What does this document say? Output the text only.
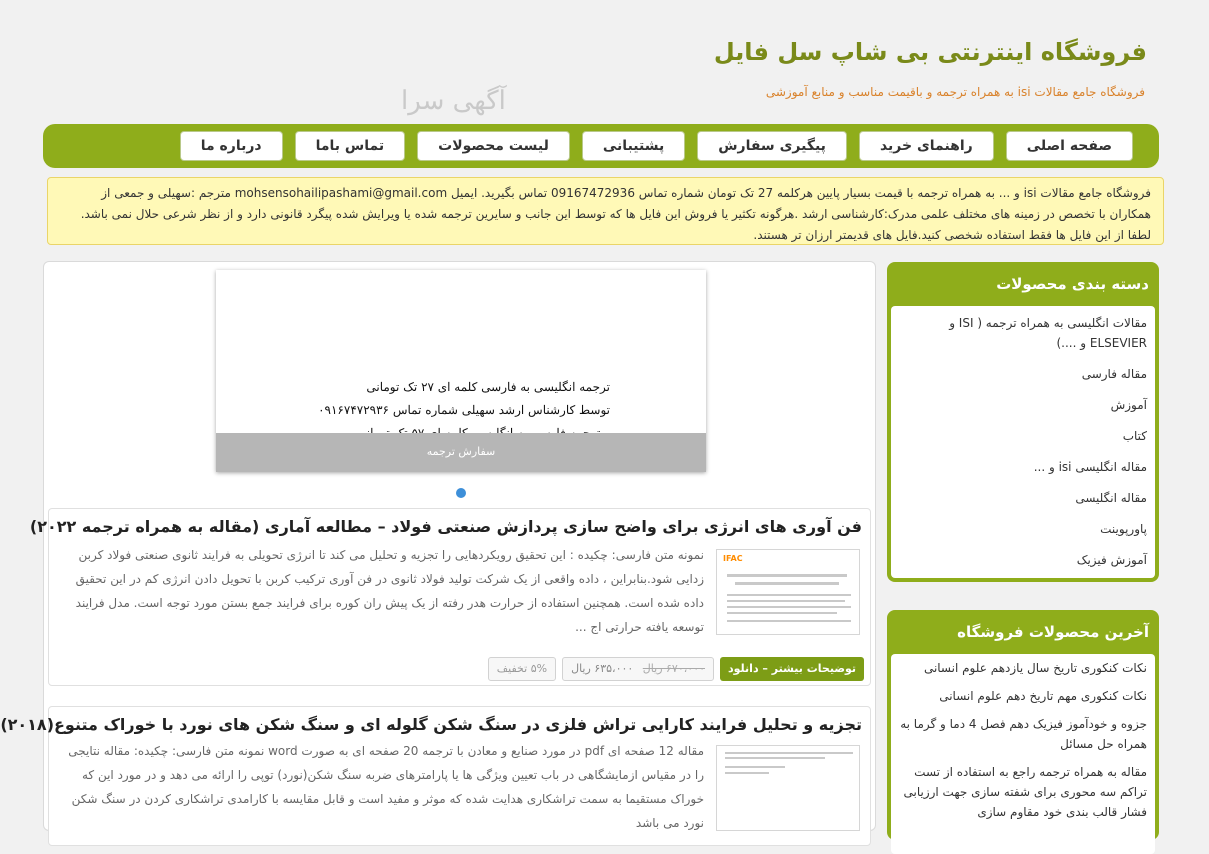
فروشگاه اینترنتی بی شاپ سل فایل
فروشگاه جامع مقالات isi به همراه ترجمه و باقیمت مناسب و منابع آموزشی
آگهی سرا
صفحه اصلی
راهنمای خرید
پیگیری سفارش
پشتیبانی
لیست محصولات
تماس باما
درباره ما
فروشگاه جامع مقالات isi و ... به همراه ترجمه با قیمت بسیار پایین هرکلمه 27 تک تومان شماره تماس 09167472936 تماس بگیرید. ایمیل mohsensohailipashami@gmail.com مترجم :سهیلی و جمعی از همکاران با تخصص در زمینه های مختلف علمی مدرک:کارشناسی ارشد .هرگونه تکثیر یا فروش این فایل ها که توسط این جانب و سایرین ترجمه شده یا ویرایش شده پیگرد قانونی دارد و از نظر شرعی حلال نمی باشد. لطفا از این فایل ها فقط استفاده شخصی کنید.فایل های قدیمتر ارزان تر هستند.
دسته بندی محصولات
مقالات انگلیسی به همراه ترجمه ( ISI و ELSEVIER و ....)
مقاله فارسی
آموزش
کتاب
مقاله انگلیسی isi و ...
مقاله انگلیسی
پاورپوینت
آموزش فیزیک
آخرین محصولات فروشگاه
نکات کنکوری تاریخ سال یازدهم علوم انسانی
نکات کنکوری مهم تاریخ دهم علوم انسانی
جزوه و خودآموز فیزیک دهم فصل 4 دما و گرما به همراه حل مسائل
مقاله به همراه ترجمه راجع به استفاده از تست تراکم سه محوری برای شفته سازی جهت ارزیابی فشار قالب بندی خود مقاوم سازی
ترجمه انگلیسی به فارسی کلمه ای ۲۷ تک تومانی
توسط کارشناس ارشد سهیلی شماره تماس ۰۹۱۶۷۴۷۲۹۳۶
سفارش ترجمه
فن آوری های انرژی برای واضح سازی پردازش صنعتی فولاد – مطالعه آماری (مقاله به همراه ترجمه ۲۰۲۲)
IFAC
نمونه متن فارسی: چکیده : این تحقیق رویکردهایی را تجزیه و تحلیل می کند تا انرژی تحویلی به فرایند ثانوی صنعتی فولاد کربن زدایی شود.بنابراین ، داده واقعی از یک شرکت تولید فولاد ثانوی در فن آوری ترکیب کربن با تحویل دادن انرژی کم در این تحقیق داده شده است. همچنین استفاده از حرارت هدر رفته از یک پیش ران کوره برای فرایند جمع بستن مورد توجه است. مدل فرایند توسعه یافته حرارتی اج ...
توضیحات بیشتر – دانلود
۶۷۰،۰۰۰ ریال ۶۳۵،۰۰۰ ریال
۵% تخفیف
تجزیه و تحلیل فرایند کارایی تراش فلزی در سنگ شکن گلوله ای و سنگ شکن های نورد با خوراک متنوع(۲۰۱۸)
مقاله 12 صفحه ای pdf در مورد صنایع و معادن با ترجمه 20 صفحه ای به صورت word نمونه متن فارسی: چکیده: مقاله نتایجی را در مقیاس ازمایشگاهی در باب تعیین ویژگی ها یا پارامترهای ضربه سنگ شکن(نورد) توپی را ارائه می دهد و در مورد این که خوراک مستقیما به سمت تراشکاری هدایت شده که موثر و مفید است و قابل مقایسه با کارامدی تراشکاری کردن در سنگ شکن نورد می باشد
